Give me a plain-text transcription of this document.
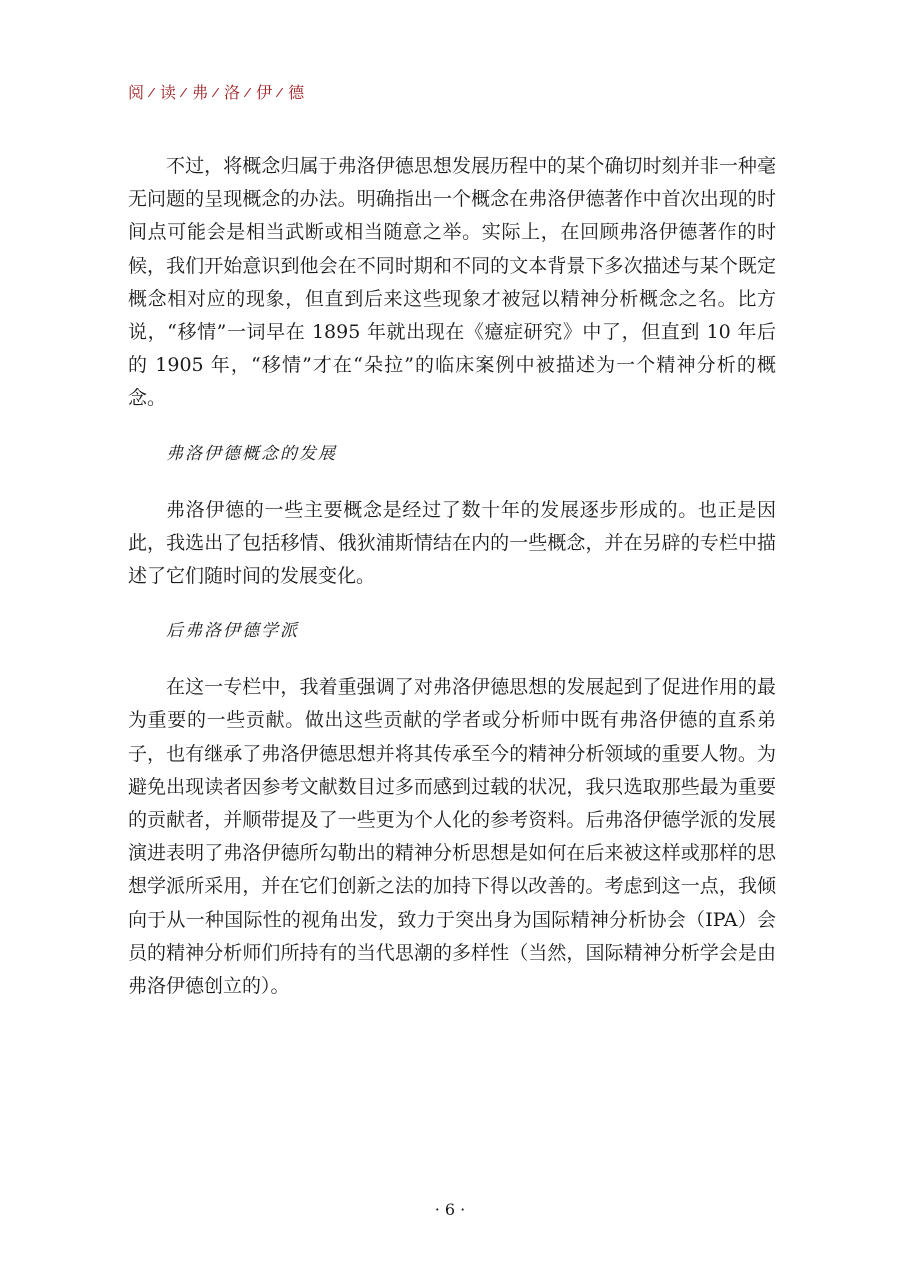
阅 读 弗 洛 伊 德

不过，将概念归属于弗洛伊德思想发展历程中的某个确切时刻并非一种毫无问题的呈现概念的办法。明确指出一个概念在弗洛伊德著作中首次出现的时间点可能会是相当武断或相当随意之举。实际上，在回顾弗洛伊德著作的时候，我们开始意识到他会在不同时期和不同的文本背景下多次描述与某个既定概念相对应的现象，但直到后来这些现象才被冠以精神分析概念之名。比方说，“移情”一词早在 1895 年就出现在《癔症研究》中了，但直到 10 年后的 1905 年，“移情”才在“朵拉”的临床案例中被描述为一个精神分析的概念。

弗洛伊德概念的发展

弗洛伊德的一些主要概念是经过了数十年的发展逐步形成的。也正是因此，我选出了包括移情、俄狄浦斯情结在内的一些概念，并在另辟的专栏中描述了它们随时间的发展变化。

后弗洛伊德学派

在这一专栏中，我着重强调了对弗洛伊德思想的发展起到了促进作用的最为重要的一些贡献。做出这些贡献的学者或分析师中既有弗洛伊德的直系弟子，也有继承了弗洛伊德思想并将其传承至今的精神分析领域的重要人物。为避免出现读者因参考文献数目过多而感到过载的状况，我只选取那些最为重要的贡献者，并顺带提及了一些更为个人化的参考资料。后弗洛伊德学派的发展演进表明了弗洛伊德所勾勒出的精神分析思想是如何在后来被这样或那样的思想学派所采用，并在它们创新之法的加持下得以改善的。考虑到这一点，我倾向于从一种国际性的视角出发，致力于突出身为国际精神分析协会（IPA）会员的精神分析师们所持有的当代思潮的多样性（当然，国际精神分析学会是由弗洛伊德创立的）。

· 6 ·
